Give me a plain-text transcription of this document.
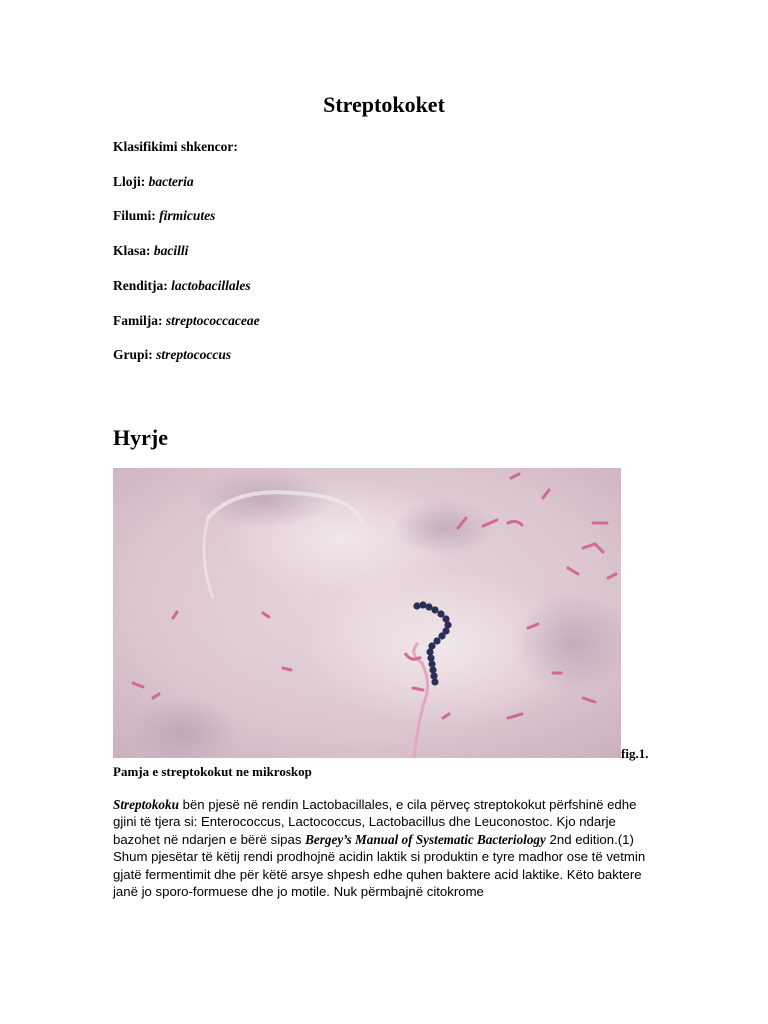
Streptokoket

Klasifikimi shkencor:

Lloji: bacteria

Filumi: firmicutes

Klasa: bacilli

Renditja: lactobacillales

Familja: streptococcaceae

Grupi: streptococcus

Hyrje
fig.1.
Pamja e streptokokut ne mikroskop

Streptokoku bën pjesë në rendin Lactobacillales, e cila përveç streptokokut përfshinë edhe gjini të tjera si: Enterococcus, Lactococcus, Lactobacillus dhe Leuconostoc. Kjo ndarje bazohet në ndarjen e bërë sipas Bergey’s Manual of Systematic Bacteriology 2nd edition.(1) Shum pjesëtar të këtij rendi prodhojnë acidin laktik si produktin e tyre madhor ose të vetmin gjatë fermentimit dhe për këtë arsye shpesh edhe quhen baktere acid laktike. Këto baktere janë jo sporo-formuese dhe jo motile. Nuk përmbajnë citokrome
